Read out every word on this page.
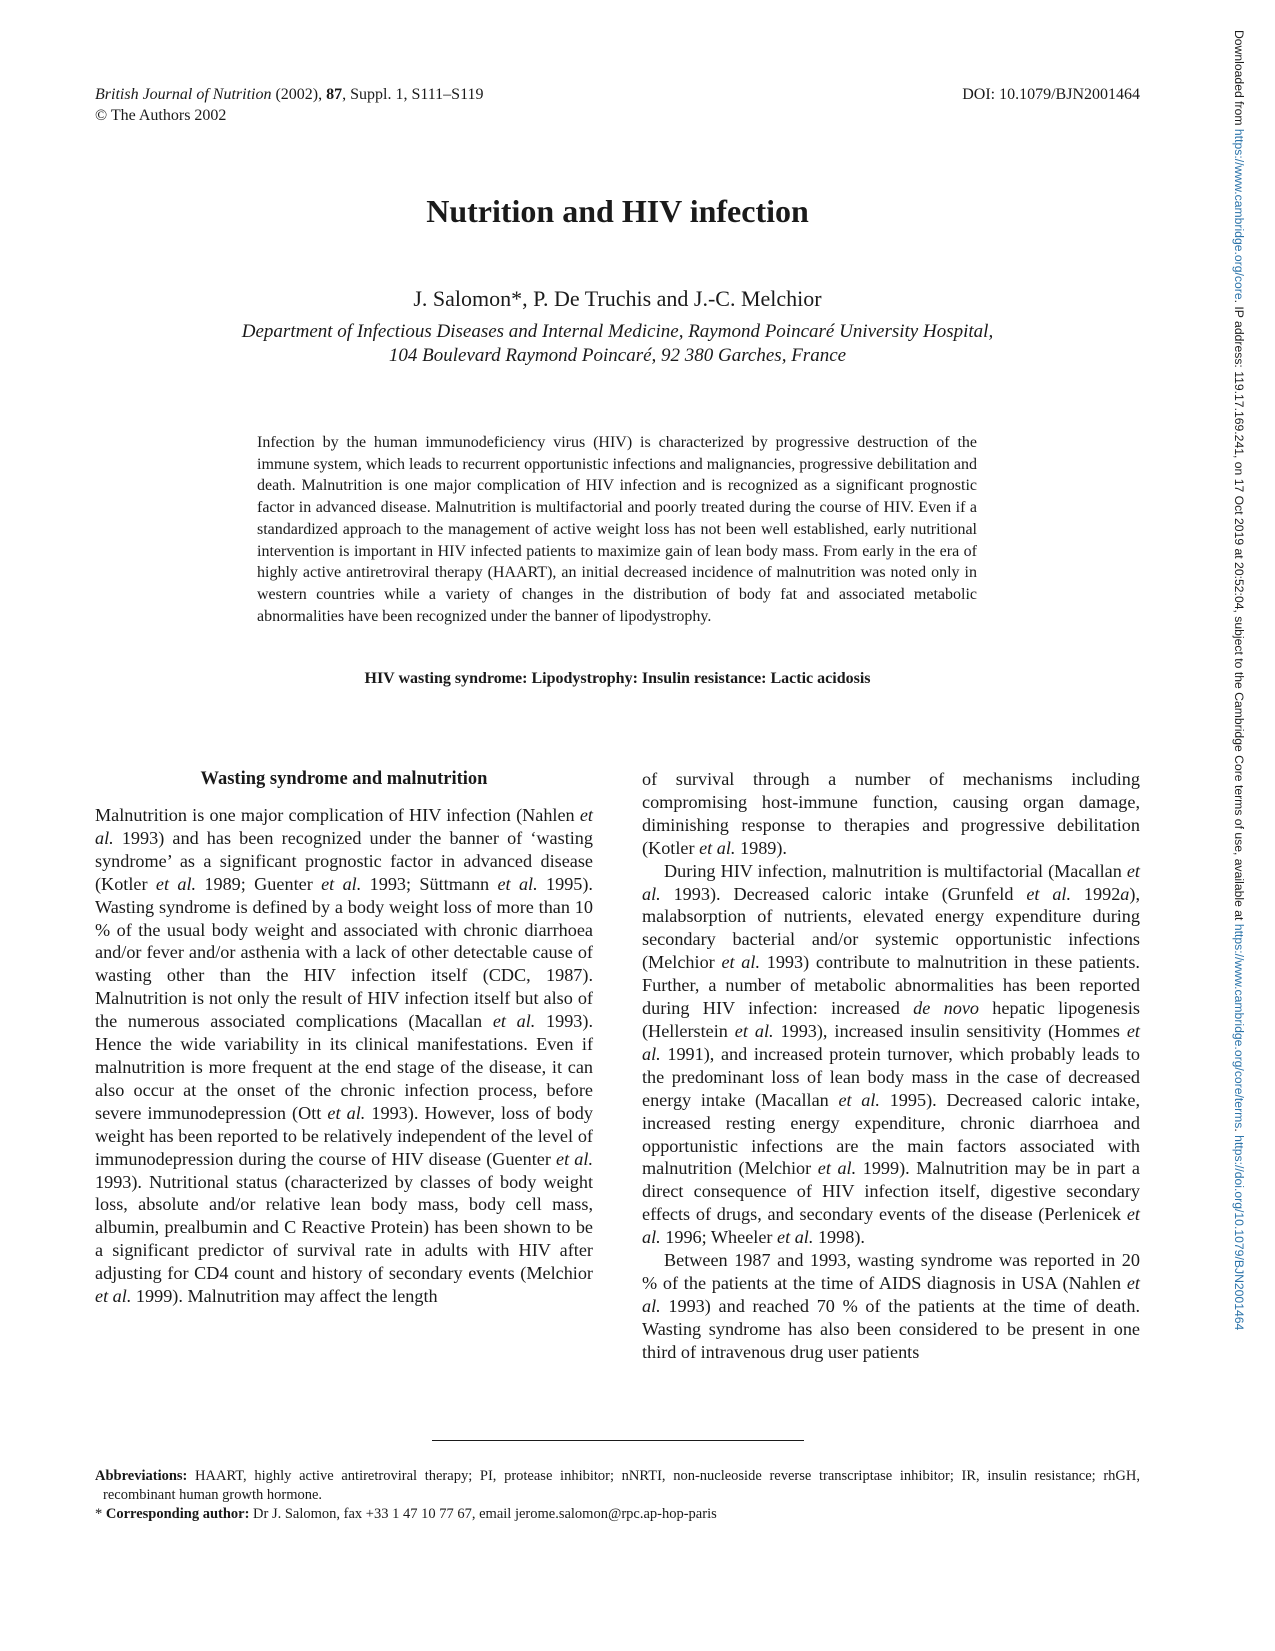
British Journal of Nutrition (2002), 87, Suppl. 1, S111–S119
© The Authors 2002
DOI: 10.1079/BJN2001464
Nutrition and HIV infection
J. Salomon*, P. De Truchis and J.-C. Melchior
Department of Infectious Diseases and Internal Medicine, Raymond Poincaré University Hospital,
104 Boulevard Raymond Poincaré, 92 380 Garches, France
Infection by the human immunodeficiency virus (HIV) is characterized by progressive destruction of the immune system, which leads to recurrent opportunistic infections and malignancies, progressive debilitation and death. Malnutrition is one major complication of HIV infection and is recognized as a significant prognostic factor in advanced disease. Malnutrition is multifactorial and poorly treated during the course of HIV. Even if a standardized approach to the management of active weight loss has not been well established, early nutritional intervention is important in HIV infected patients to maximize gain of lean body mass. From early in the era of highly active antiretroviral therapy (HAART), an initial decreased incidence of malnutrition was noted only in western countries while a variety of changes in the distribution of body fat and associated metabolic abnormalities have been recognized under the banner of lipodystrophy.
HIV wasting syndrome: Lipodystrophy: Insulin resistance: Lactic acidosis
Wasting syndrome and malnutrition

Malnutrition is one major complication of HIV infection (Nahlen et al. 1993) and has been recognized under the banner of ‘wasting syndrome’ as a significant prognostic factor in advanced disease (Kotler et al. 1989; Guenter et al. 1993; Süttmann et al. 1995). Wasting syndrome is defined by a body weight loss of more than 10 % of the usual body weight and associated with chronic diarrhoea and/or fever and/or asthenia with a lack of other detectable cause of wasting other than the HIV infection itself (CDC, 1987). Malnutrition is not only the result of HIV infection itself but also of the numerous associated complications (Macallan et al. 1993). Hence the wide variability in its clinical manifestations. Even if malnutrition is more frequent at the end stage of the disease, it can also occur at the onset of the chronic infection process, before severe immunodepression (Ott et al. 1993). However, loss of body weight has been reported to be relatively independent of the level of immunodepression during the course of HIV disease (Guenter et al. 1993). Nutritional status (characterized by classes of body weight loss, absolute and/or relative lean body mass, body cell mass, albumin, prealbumin and C Reactive Protein) has been shown to be a significant predictor of survival rate in adults with HIV after adjusting for CD4 count and history of secondary events (Melchior et al. 1999). Malnutrition may affect the length

of survival through a number of mechanisms including compromising host-immune function, causing organ damage, diminishing response to therapies and progressive debilitation (Kotler et al. 1989).

During HIV infection, malnutrition is multifactorial (Macallan et al. 1993). Decreased caloric intake (Grunfeld et al. 1992a), malabsorption of nutrients, elevated energy expenditure during secondary bacterial and/or systemic opportunistic infections (Melchior et al. 1993) contribute to malnutrition in these patients. Further, a number of metabolic abnormalities has been reported during HIV infection: increased de novo hepatic lipogenesis (Hellerstein et al. 1993), increased insulin sensitivity (Hommes et al. 1991), and increased protein turnover, which probably leads to the predominant loss of lean body mass in the case of decreased energy intake (Macallan et al. 1995). Decreased caloric intake, increased resting energy expenditure, chronic diarrhoea and opportunistic infections are the main factors associated with malnutrition (Melchior et al. 1999). Malnutrition may be in part a direct consequence of HIV infection itself, digestive secondary effects of drugs, and secondary events of the disease (Perlenicek et al. 1996; Wheeler et al. 1998).

Between 1987 and 1993, wasting syndrome was reported in 20 % of the patients at the time of AIDS diagnosis in USA (Nahlen et al. 1993) and reached 70 % of the patients at the time of death. Wasting syndrome has also been considered to be present in one third of intravenous drug user patients

Abbreviations: HAART, highly active antiretroviral therapy; PI, protease inhibitor; nNRTI, non-nucleoside reverse transcriptase inhibitor; IR, insulin resistance; rhGH, recombinant human growth hormone.

* Corresponding author: Dr J. Salomon, fax +33 1 47 10 77 67, email jerome.salomon@rpc.ap-hop-paris

Downloaded from https://www.cambridge.org/core. IP address: 119.17.169.241, on 17 Oct 2019 at 20:52:04, subject to the Cambridge Core terms of use, available at https://www.cambridge.org/core/terms. https://doi.org/10.1079/BJN2001464
